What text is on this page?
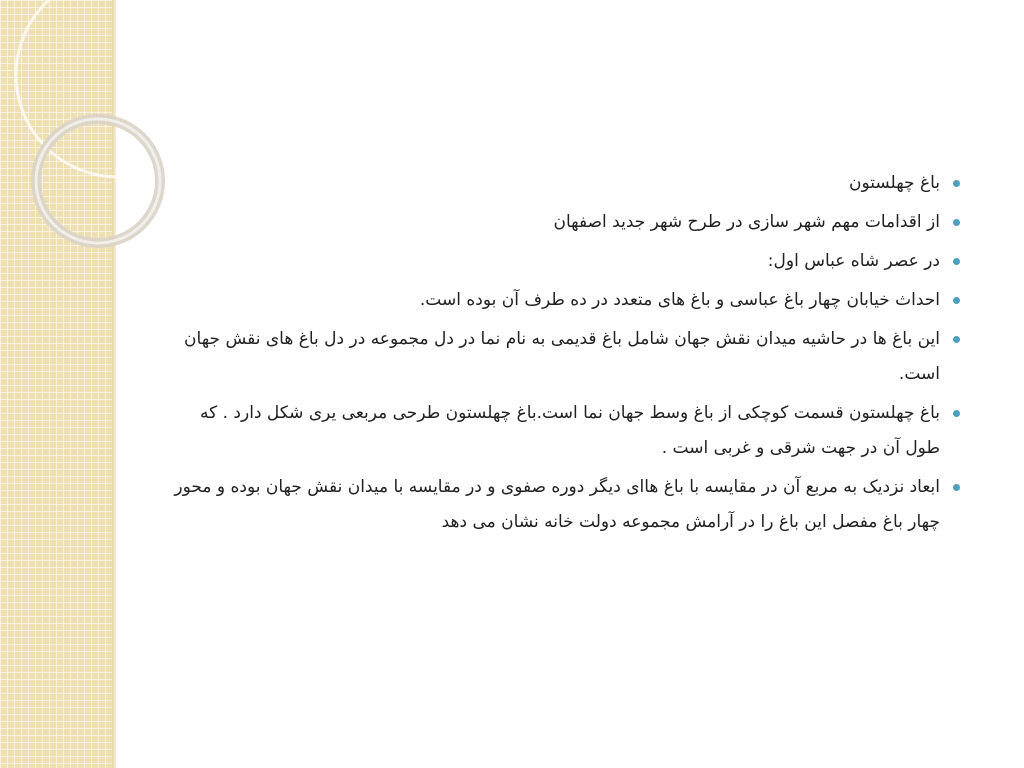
باغ چهلستون
از اقدامات مهم شهر سازی در طرح شهر جدید اصفهان
در عصر شاه عباس اول:
احداث خیابان چهار باغ عباسی و باغ های متعدد در ده طرف آن بوده است.
این باغ ها در حاشیه میدان نقش جهان شامل باغ قدیمی به نام نما در دل مجموعه در دل باغ های نقش جهان است.
باغ چهلستون قسمت کوچکی از باغ وسط جهان نما است.باغ چهلستون طرحی مربعی یری شکل دارد . که طول آن در جهت شرقی و غربی است .
ابعاد نزدیک به مربع آن در مقایسه با باغ هاای دیگر دوره صفوی و در مقایسه با میدان نقش جهان بوده و محور چهار باغ مفصل این باغ را در آرامش مجموعه دولت خانه نشان می دهد
